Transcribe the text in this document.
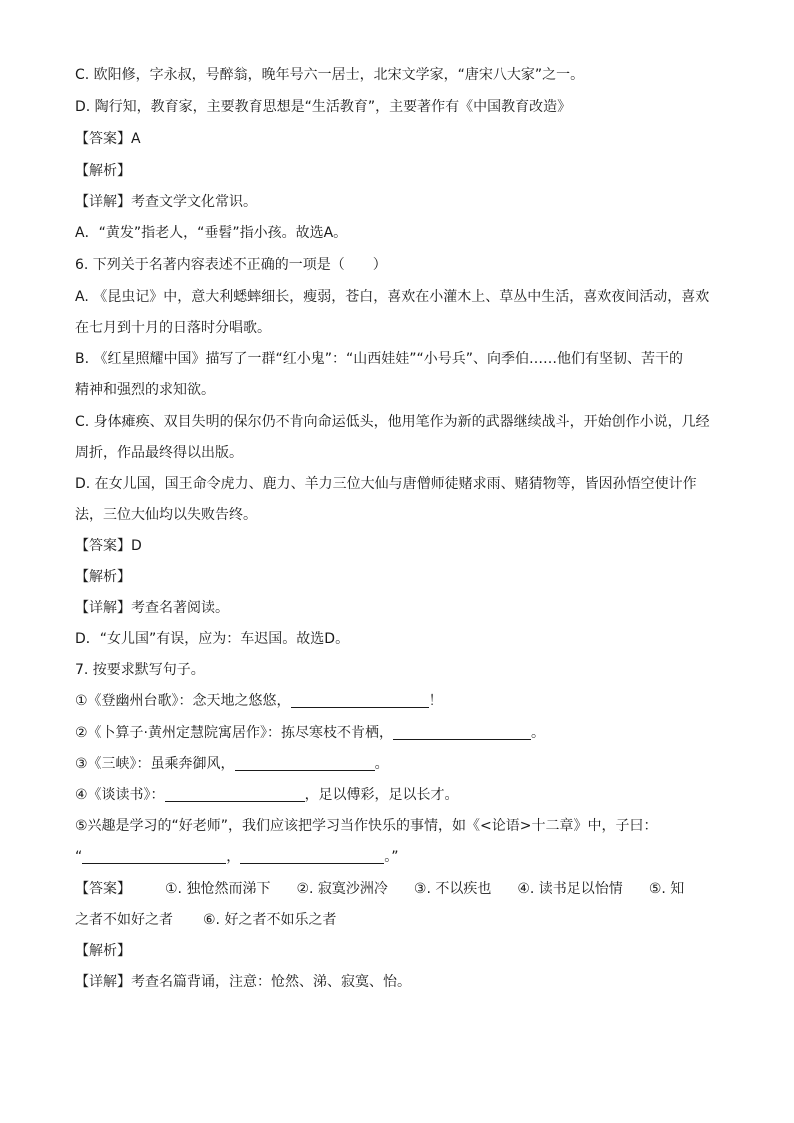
C. 欧阳修，字永叔，号醉翁，晚年号六一居士，北宋文学家，“唐宋八大家”之一。
D. 陶行知，教育家，主要教育思想是“生活教育”，主要著作有《中国教育改造》
【答案】A
【解析】
【详解】考查文学文化常识。
A．“黄发”指老人，“垂髫”指小孩。故选A。
6. 下列关于名著内容表述不正确的一项是（　　）
A. 《昆虫记》中，意大利蟋蟀细长，瘦弱，苍白，喜欢在小灌木上、草丛中生活，喜欢夜间活动，喜欢
在七月到十月的日落时分唱歌。
B. 《红星照耀中国》描写了一群“红小鬼”：“山西娃娃”“小号兵”、向季伯……他们有坚韧、苦干的
精神和强烈的求知欲。
C. 身体瘫痪、双目失明的保尔仍不肯向命运低头，他用笔作为新的武器继续战斗，开始创作小说，几经
周折，作品最终得以出版。
D. 在女儿国，国王命令虎力、鹿力、羊力三位大仙与唐僧师徒赌求雨、赌猜物等，皆因孙悟空使计作
法，三位大仙均以失败告终。
【答案】D
【解析】
【详解】考查名著阅读。
D．“女儿国”有误，应为：车迟国。故选D。
7. 按要求默写句子。
①《登幽州台歌》：念天地之悠悠，	！
②《卜算子·黄州定慧院寓居作》：拣尽寒枝不肯栖，	。
③《三峡》：虽乘奔御风，	。
④《谈读书》：	，足以傅彩，足以长才。
⑤兴趣是学习的“好老师”，我们应该把学习当作快乐的事情，如《<论语>十二章》中，子曰：
“	，	。”
【答案】 ①. 独怆然而涕下 ②. 寂寞沙洲冷 ③. 不以疾也 ④. 读书足以怡情 ⑤. 知
之者不如好之者 ⑥. 好之者不如乐之者
【解析】
【详解】考查名篇背诵，注意：怆然、涕、寂寞、怡。
